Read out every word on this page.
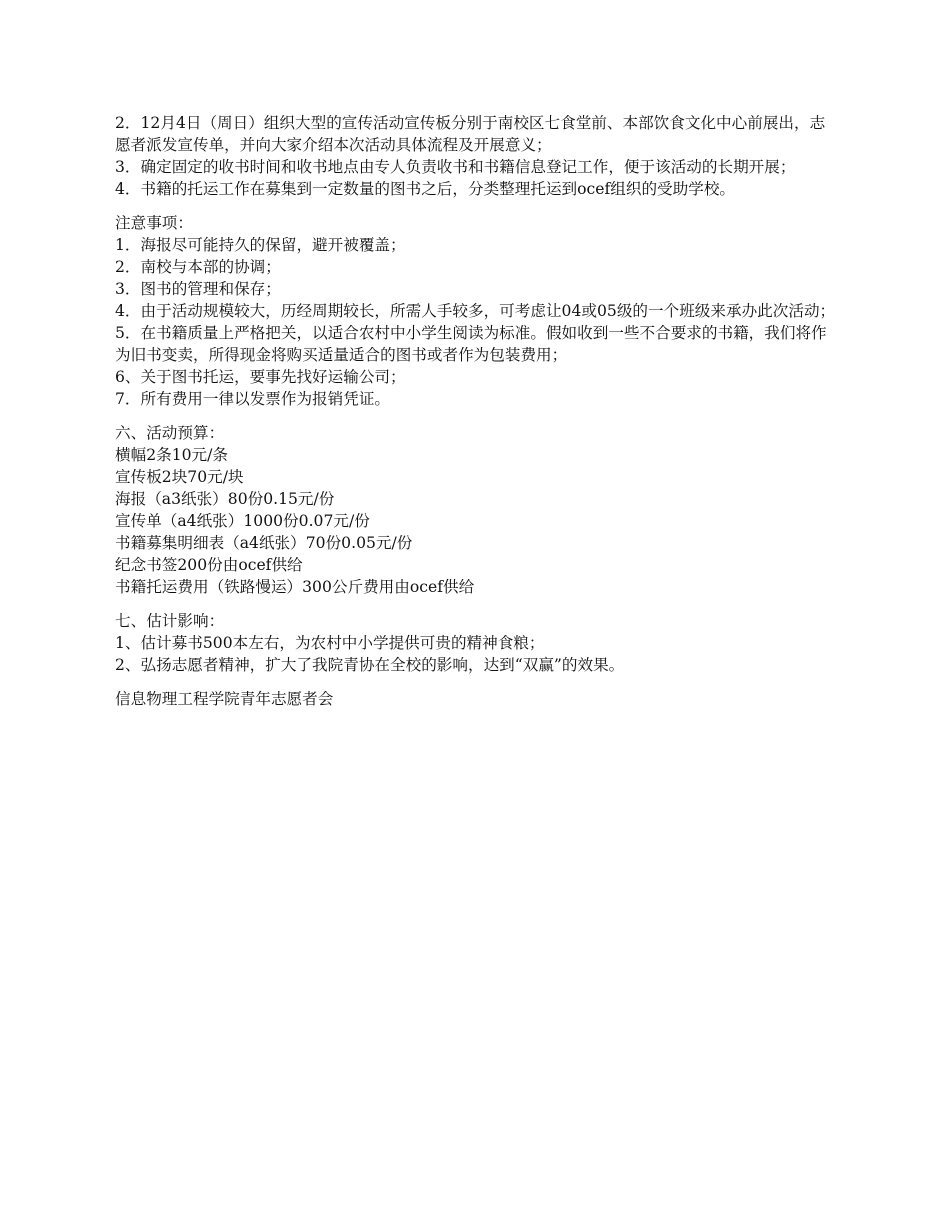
2．12月4日（周日）组织大型的宣传活动宣传板分别于南校区七食堂前、本部饮食文化中心前展出，志愿者派发宣传单，并向大家介绍本次活动具体流程及开展意义；
3．确定固定的收书时间和收书地点由专人负责收书和书籍信息登记工作，便于该活动的长期开展；
4．书籍的托运工作在募集到一定数量的图书之后，分类整理托运到ocef组织的受助学校。
注意事项：
1．海报尽可能持久的保留，避开被覆盖；
2．南校与本部的协调；
3．图书的管理和保存；
4．由于活动规模较大，历经周期较长，所需人手较多，可考虑让04或05级的一个班级来承办此次活动；
5．在书籍质量上严格把关，以适合农村中小学生阅读为标准。假如收到一些不合要求的书籍，我们将作为旧书变卖，所得现金将购买适量适合的图书或者作为包装费用；
6、关于图书托运，要事先找好运输公司；
7．所有费用一律以发票作为报销凭证。
六、活动预算：
横幅2条10元/条
宣传板2块70元/块
海报（a3纸张）80份0.15元/份
宣传单（a4纸张）1000份0.07元/份
书籍募集明细表（a4纸张）70份0.05元/份
纪念书签200份由ocef供给
书籍托运费用（铁路慢运）300公斤费用由ocef供给
七、估计影响：
1、估计募书500本左右，为农村中小学提供可贵的精神食粮；
2、弘扬志愿者精神，扩大了我院青协在全校的影响，达到“双赢”的效果。
信息物理工程学院青年志愿者会
